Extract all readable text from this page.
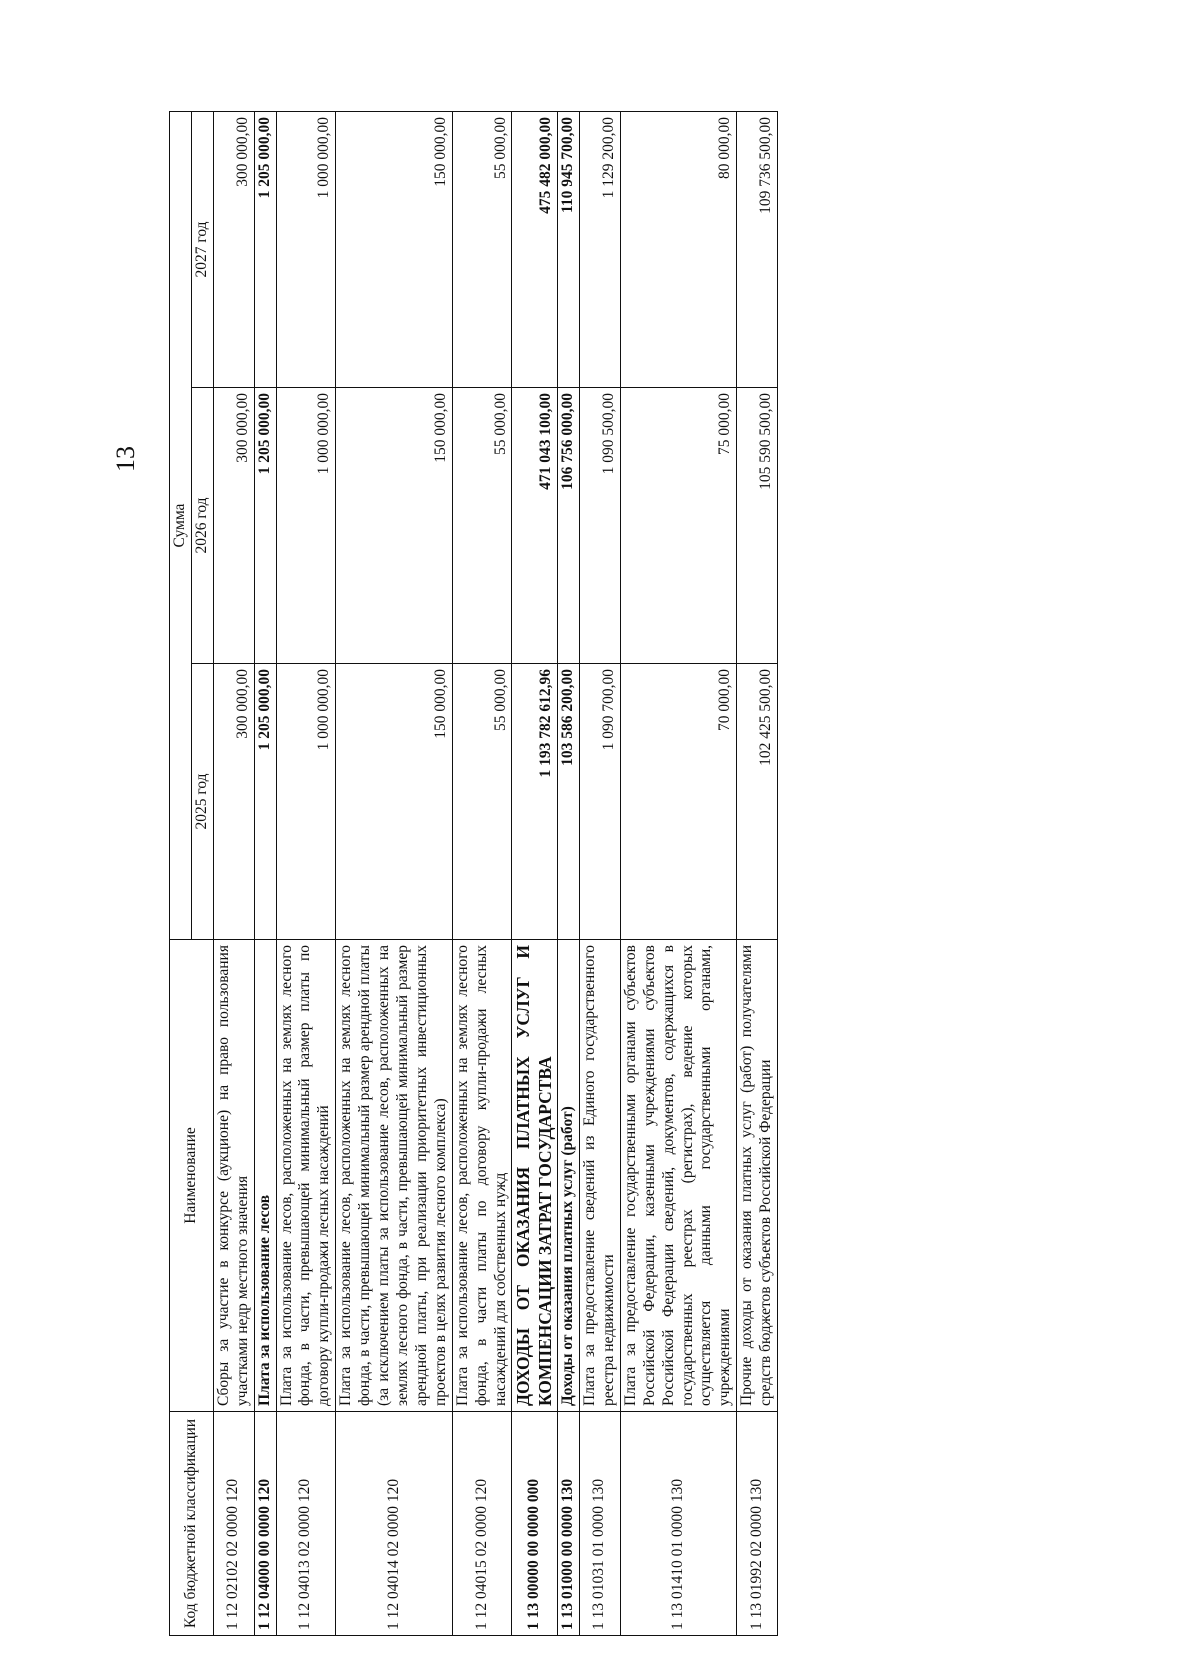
13
Код бюджетной классификации	Наименование	Сумма		
		2025 год	2026 год	2027 год
1 12 02102 02 0000 120	Сборы за участие в конкурсе (аукционе) на право пользования участками недр местного значения	300 000,00	300 000,00	300 000,00
1 12 04000 00 0000 120	Плата за использование лесов	1 205 000,00	1 205 000,00	1 205 000,00
1 12 04013 02 0000 120	Плата за использование лесов, расположенных на землях лесного фонда, в части, превышающей минимальный размер платы по договору купли-продажи лесных насаждений	1 000 000,00	1 000 000,00	1 000 000,00
1 12 04014 02 0000 120	Плата за использование лесов, расположенных на землях лесного фонда, в части, превышающей минимальный размер арендной платы (за исключением платы за использование лесов, расположенных на землях лесного фонда, в части, превышающей минимальный размер арендной платы, при реализации приоритетных инвестиционных проектов в целях развития лесного комплекса)	150 000,00	150 000,00	150 000,00
1 12 04015 02 0000 120	Плата за использование лесов, расположенных на землях лесного фонда, в части платы по договору купли-продажи лесных насаждений для собственных нужд	55 000,00	55 000,00	55 000,00
1 13 00000 00 0000 000	ДОХОДЫ ОТ ОКАЗАНИЯ ПЛАТНЫХ УСЛУГ И КОМПЕНСАЦИИ ЗАТРАТ ГОСУДАРСТВА	1 193 782 612,96	471 043 100,00	475 482 000,00
1 13 01000 00 0000 130	Доходы от оказания платных услуг (работ)	103 586 200,00	106 756 000,00	110 945 700,00
1 13 01031 01 0000 130	Плата за предоставление сведений из Единого государственного реестра недвижимости	1 090 700,00	1 090 500,00	1 129 200,00
1 13 01410 01 0000 130	Плата за предоставление государственными органами субъектов Российской Федерации, казенными учреждениями субъектов Российской Федерации сведений, документов, содержащихся в государственных реестрах (регистрах), ведение которых осуществляется данными государственными органами, учреждениями	70 000,00	75 000,00	80 000,00
1 13 01992 02 0000 130	Прочие доходы от оказания платных услуг (работ) получателями средств бюджетов субъектов Российской Федерации	102 425 500,00	105 590 500,00	109 736 500,00
